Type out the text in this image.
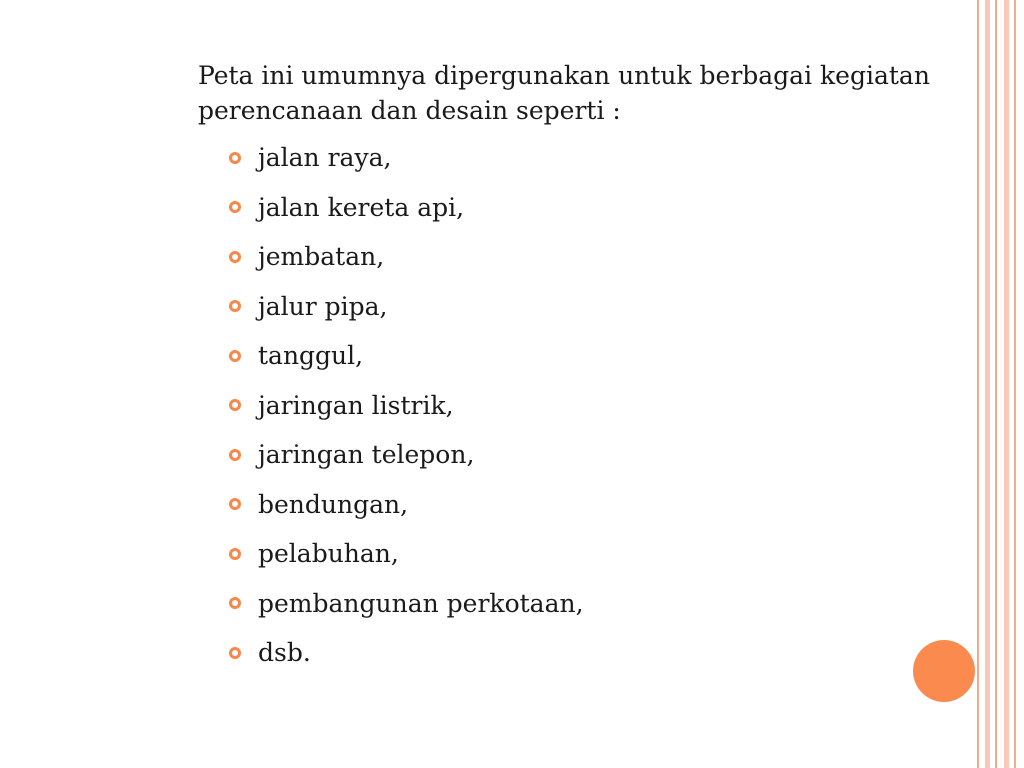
Peta ini umumnya dipergunakan untuk berbagai kegiatan perencanaan dan desain seperti :

jalan raya,
jalan kereta api,
jembatan,
jalur pipa,
tanggul,
jaringan listrik,
jaringan telepon,
bendungan,
pelabuhan,
pembangunan perkotaan,
dsb.
